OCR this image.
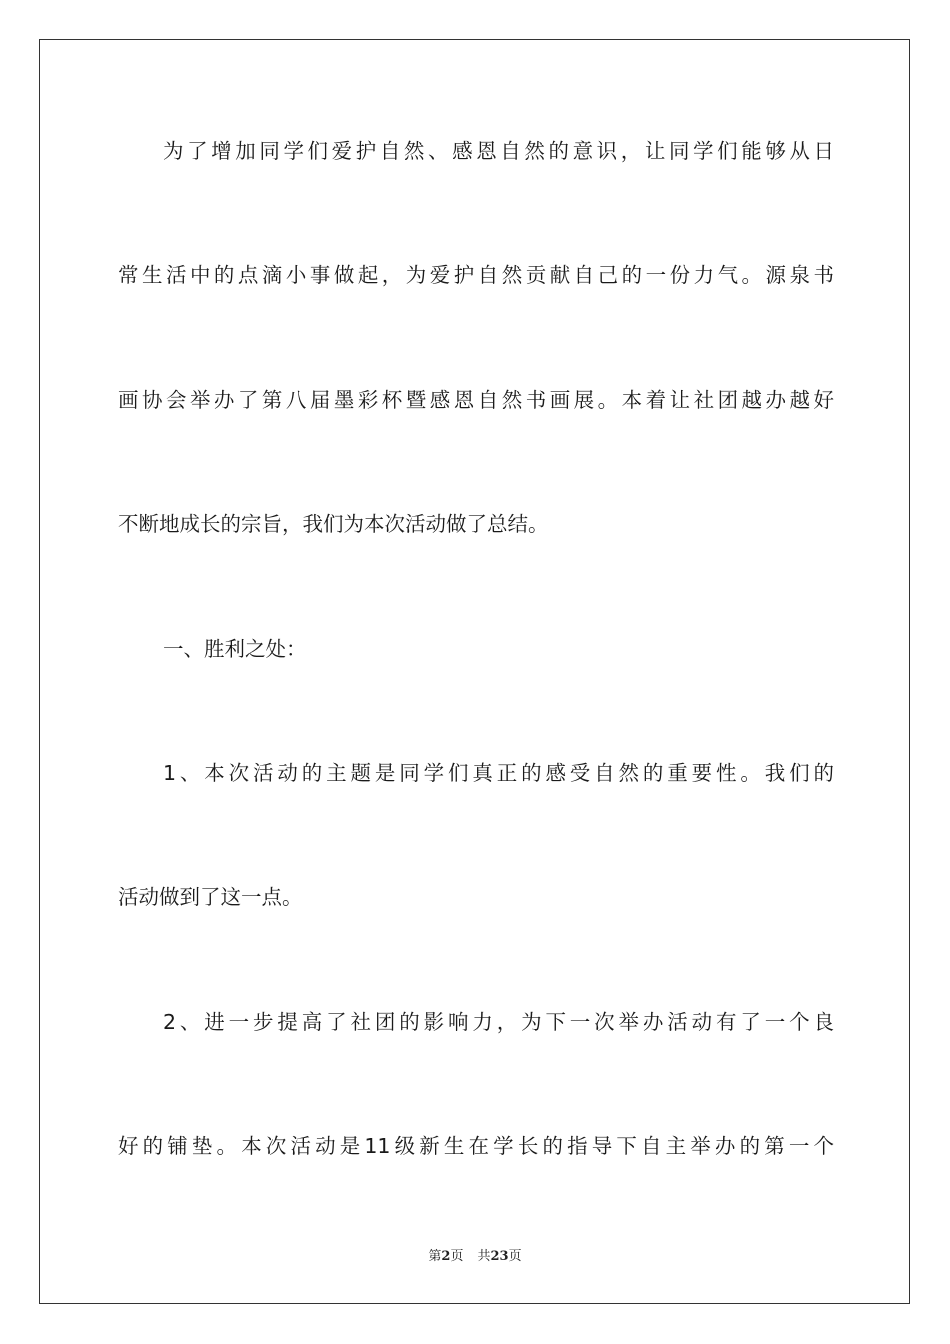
为了增加同学们爱护自然、感恩自然的意识，让同学们能够从日
常生活中的点滴小事做起，为爱护自然贡献自己的一份力气。源泉书
画协会举办了第八届墨彩杯暨感恩自然书画展。本着让社团越办越好
不断地成长的宗旨，我们为本次活动做了总结。
一、胜利之处：
1、本次活动的主题是同学们真正的感受自然的重要性。我们的
活动做到了这一点。
2、进一步提高了社团的影响力，为下一次举办活动有了一个良
好的铺垫。本次活动是11级新生在学长的指导下自主举办的第一个
第2页 共23页
